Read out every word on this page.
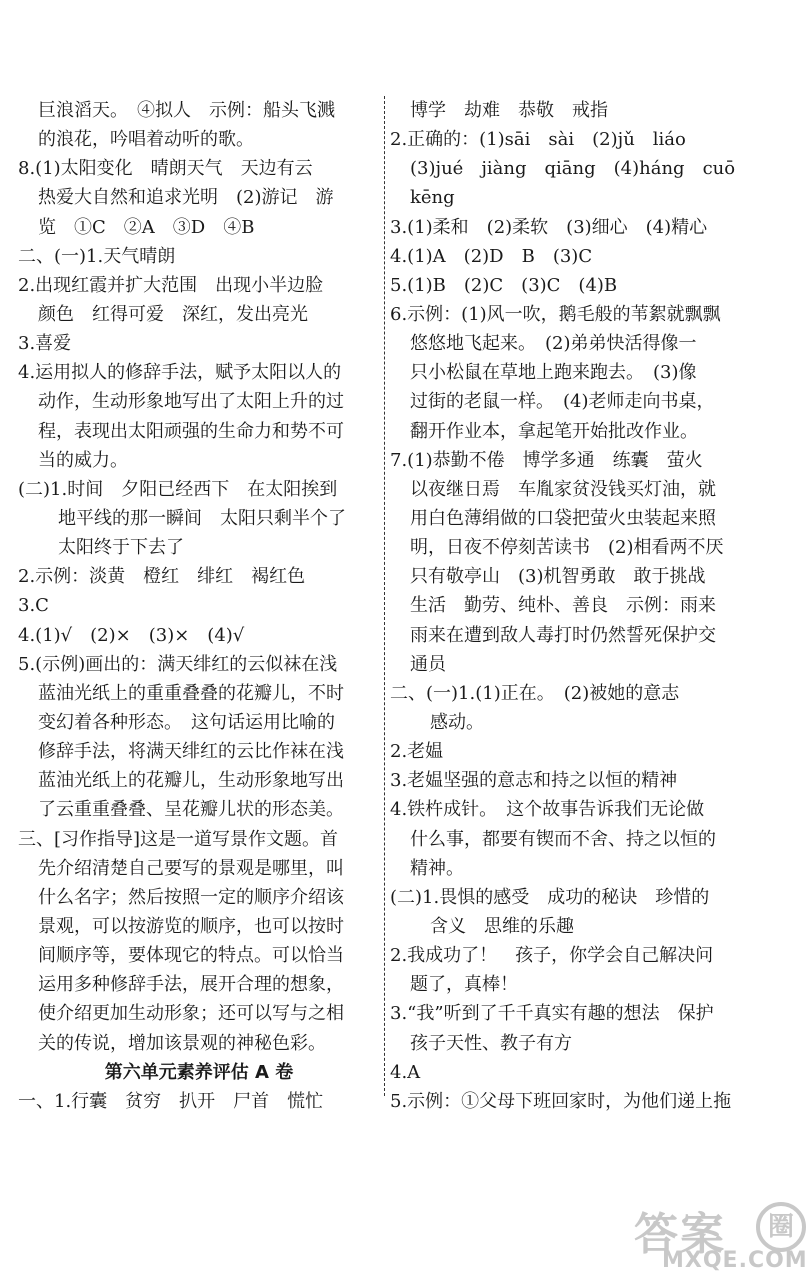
巨浪滔天。　④拟人　示例：船头飞溅
的浪花，吟唱着动听的歌。
8.(1)太阳变化　晴朗天气　天边有云
热爱大自然和追求光明　(2)游记　游
览　①C　②A　③D　④B
二、(一)1.天气晴朗
2.出现红霞并扩大范围　出现小半边脸
颜色　红得可爱　深红，发出亮光
3.喜爱
4.运用拟人的修辞手法，赋予太阳以人的
动作，生动形象地写出了太阳上升的过
程，表现出太阳顽强的生命力和势不可
当的威力。
(二)1.时间　夕阳已经西下　在太阳挨到
地平线的那一瞬间　太阳只剩半个了
太阳终于下去了
2.示例：淡黄　橙红　绯红　褐红色
3.C
4.(1)√　(2)×　(3)×　(4)√
5.(示例)画出的：满天绯红的云似袜在浅
蓝油光纸上的重重叠叠的花瓣儿，不时
变幻着各种形态。　这句话运用比喻的
修辞手法，将满天绯红的云比作袜在浅
蓝油光纸上的花瓣儿，生动形象地写出
了云重重叠叠、呈花瓣儿状的形态美。
三、[习作指导]这是一道写景作文题。首
先介绍清楚自己要写的景观是哪里，叫
什么名字；然后按照一定的顺序介绍该
景观，可以按游览的顺序，也可以按时
间顺序等，要体现它的特点。可以恰当
运用多种修辞手法，展开合理的想象，
使介绍更加生动形象；还可以写与之相
关的传说，增加该景观的神秘色彩。
第六单元素养评估 A 卷
一、1.行囊　贫穷　扒开　尸首　慌忙
博学　劫难　恭敬　戒指
2.正确的：(1)sāi　sài　(2)jǔ　liáo
(3)jué　jiàng　qiāng　(4)háng　cuō
kēng
3.(1)柔和　(2)柔软　(3)细心　(4)精心
4.(1)A　(2)D　B　(3)C
5.(1)B　(2)C　(3)C　(4)B
6.示例：(1)风一吹，鹅毛般的苇絮就飘飘
悠悠地飞起来。　(2)弟弟快活得像一
只小松鼠在草地上跑来跑去。　(3)像
过街的老鼠一样。　(4)老师走向书桌，
翻开作业本，拿起笔开始批改作业。
7.(1)恭勤不倦　博学多通　练囊　萤火
以夜继日焉　车胤家贫没钱买灯油，就
用白色薄绢做的口袋把萤火虫装起来照
明，日夜不停刻苦读书　(2)相看两不厌
只有敬亭山　(3)机智勇敢　敢于挑战
生活　勤劳、纯朴、善良　示例：雨来
雨来在遭到敌人毒打时仍然誓死保护交
通员
二、(一)1.(1)正在。　(2)被她的意志
感动。
2.老媪
3.老媪坚强的意志和持之以恒的精神
4.铁杵成针。　这个故事告诉我们无论做
什么事，都要有锲而不舍、持之以恒的
精神。
(二)1.畏惧的感受　成功的秘诀　珍惜的
含义　思维的乐趣
2.我成功了！　孩子，你学会自己解决问
题了，真棒！
3.“我”听到了千千真实有趣的想法　保护
孩子天性、教子有方
4.A
5.示例：①父母下班回家时，为他们递上拖
答案	圈
MXQE.COM
